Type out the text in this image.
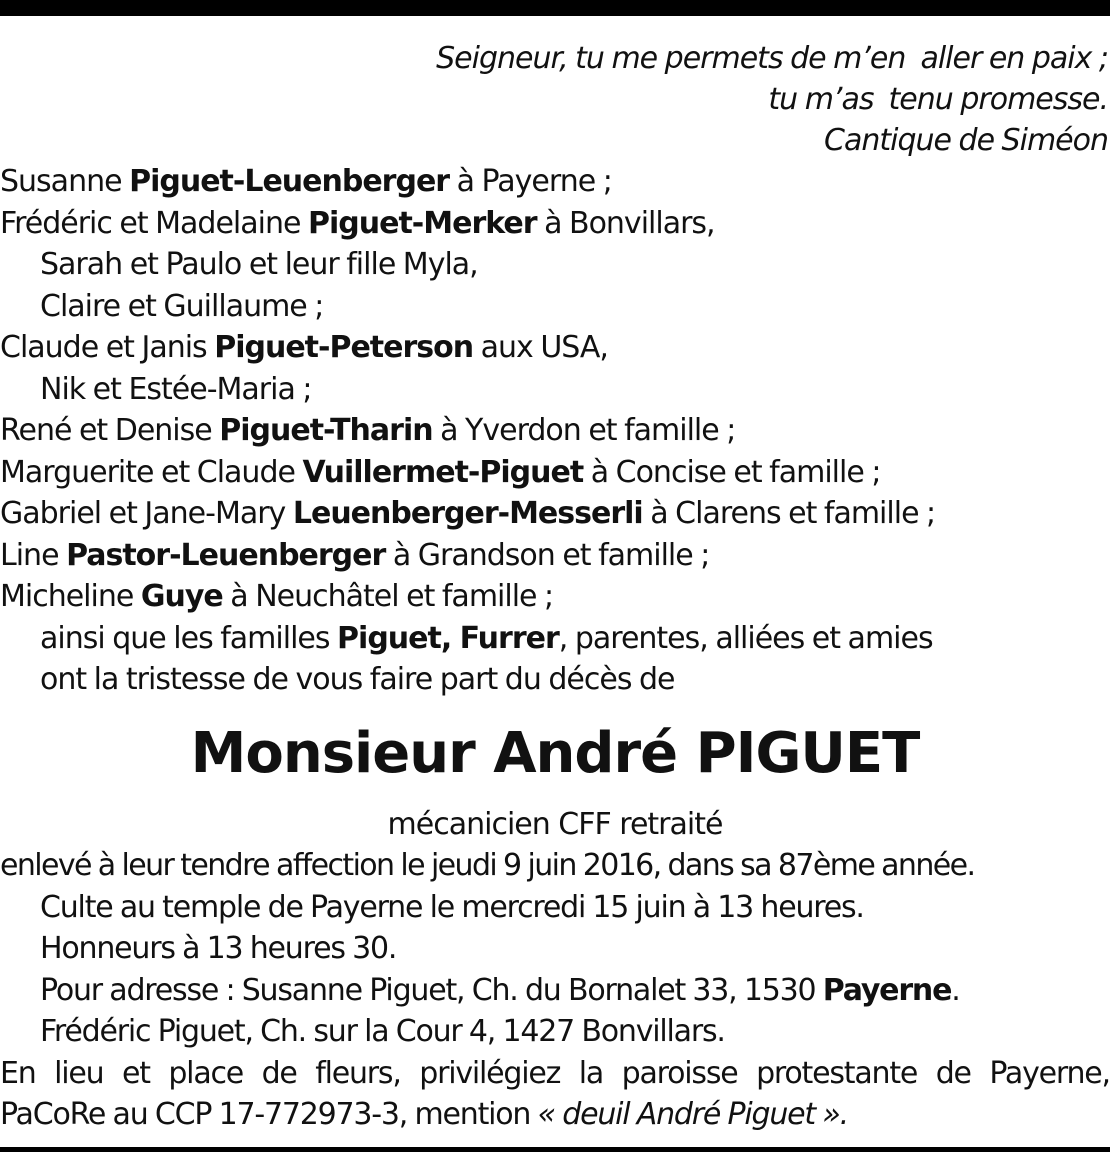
Seigneur, tu me permets de m’en  aller en paix ;
tu m’as  tenu promesse.
Cantique de Siméon
Susanne Piguet-Leuenberger à Payerne ;
Frédéric et Madelaine Piguet-Merker à Bonvillars,
Sarah et Paulo et leur fille Myla,
Claire et Guillaume ;
Claude et Janis Piguet-Peterson aux USA,
Nik et Estée-Maria ;
René et Denise Piguet-Tharin à Yverdon et famille ;
Marguerite et Claude Vuillermet-Piguet à Concise et famille ;
Gabriel et Jane-Mary Leuenberger-Messerli à Clarens et famille ;
Line Pastor-Leuenberger à Grandson et famille ;
Micheline Guye à Neuchâtel et famille ;
ainsi que les familles Piguet, Furrer, parentes, alliées et amies
ont la tristesse de vous faire part du décès de
Monsieur André PIGUET
mécanicien CFF retraité
enlevé à leur tendre affection le jeudi 9 juin 2016, dans sa 87ème année.
Culte au temple de Payerne le mercredi 15 juin à 13 heures.
Honneurs à 13 heures 30.
Pour adresse : Susanne Piguet, Ch. du Bornalet 33, 1530 Payerne.
Frédéric Piguet, Ch. sur la Cour 4, 1427 Bonvillars.
En lieu et place de fleurs, privilégiez la paroisse protestante de Payerne,
PaCoRe au CCP 17-772973-3, mention « deuil André Piguet ».
